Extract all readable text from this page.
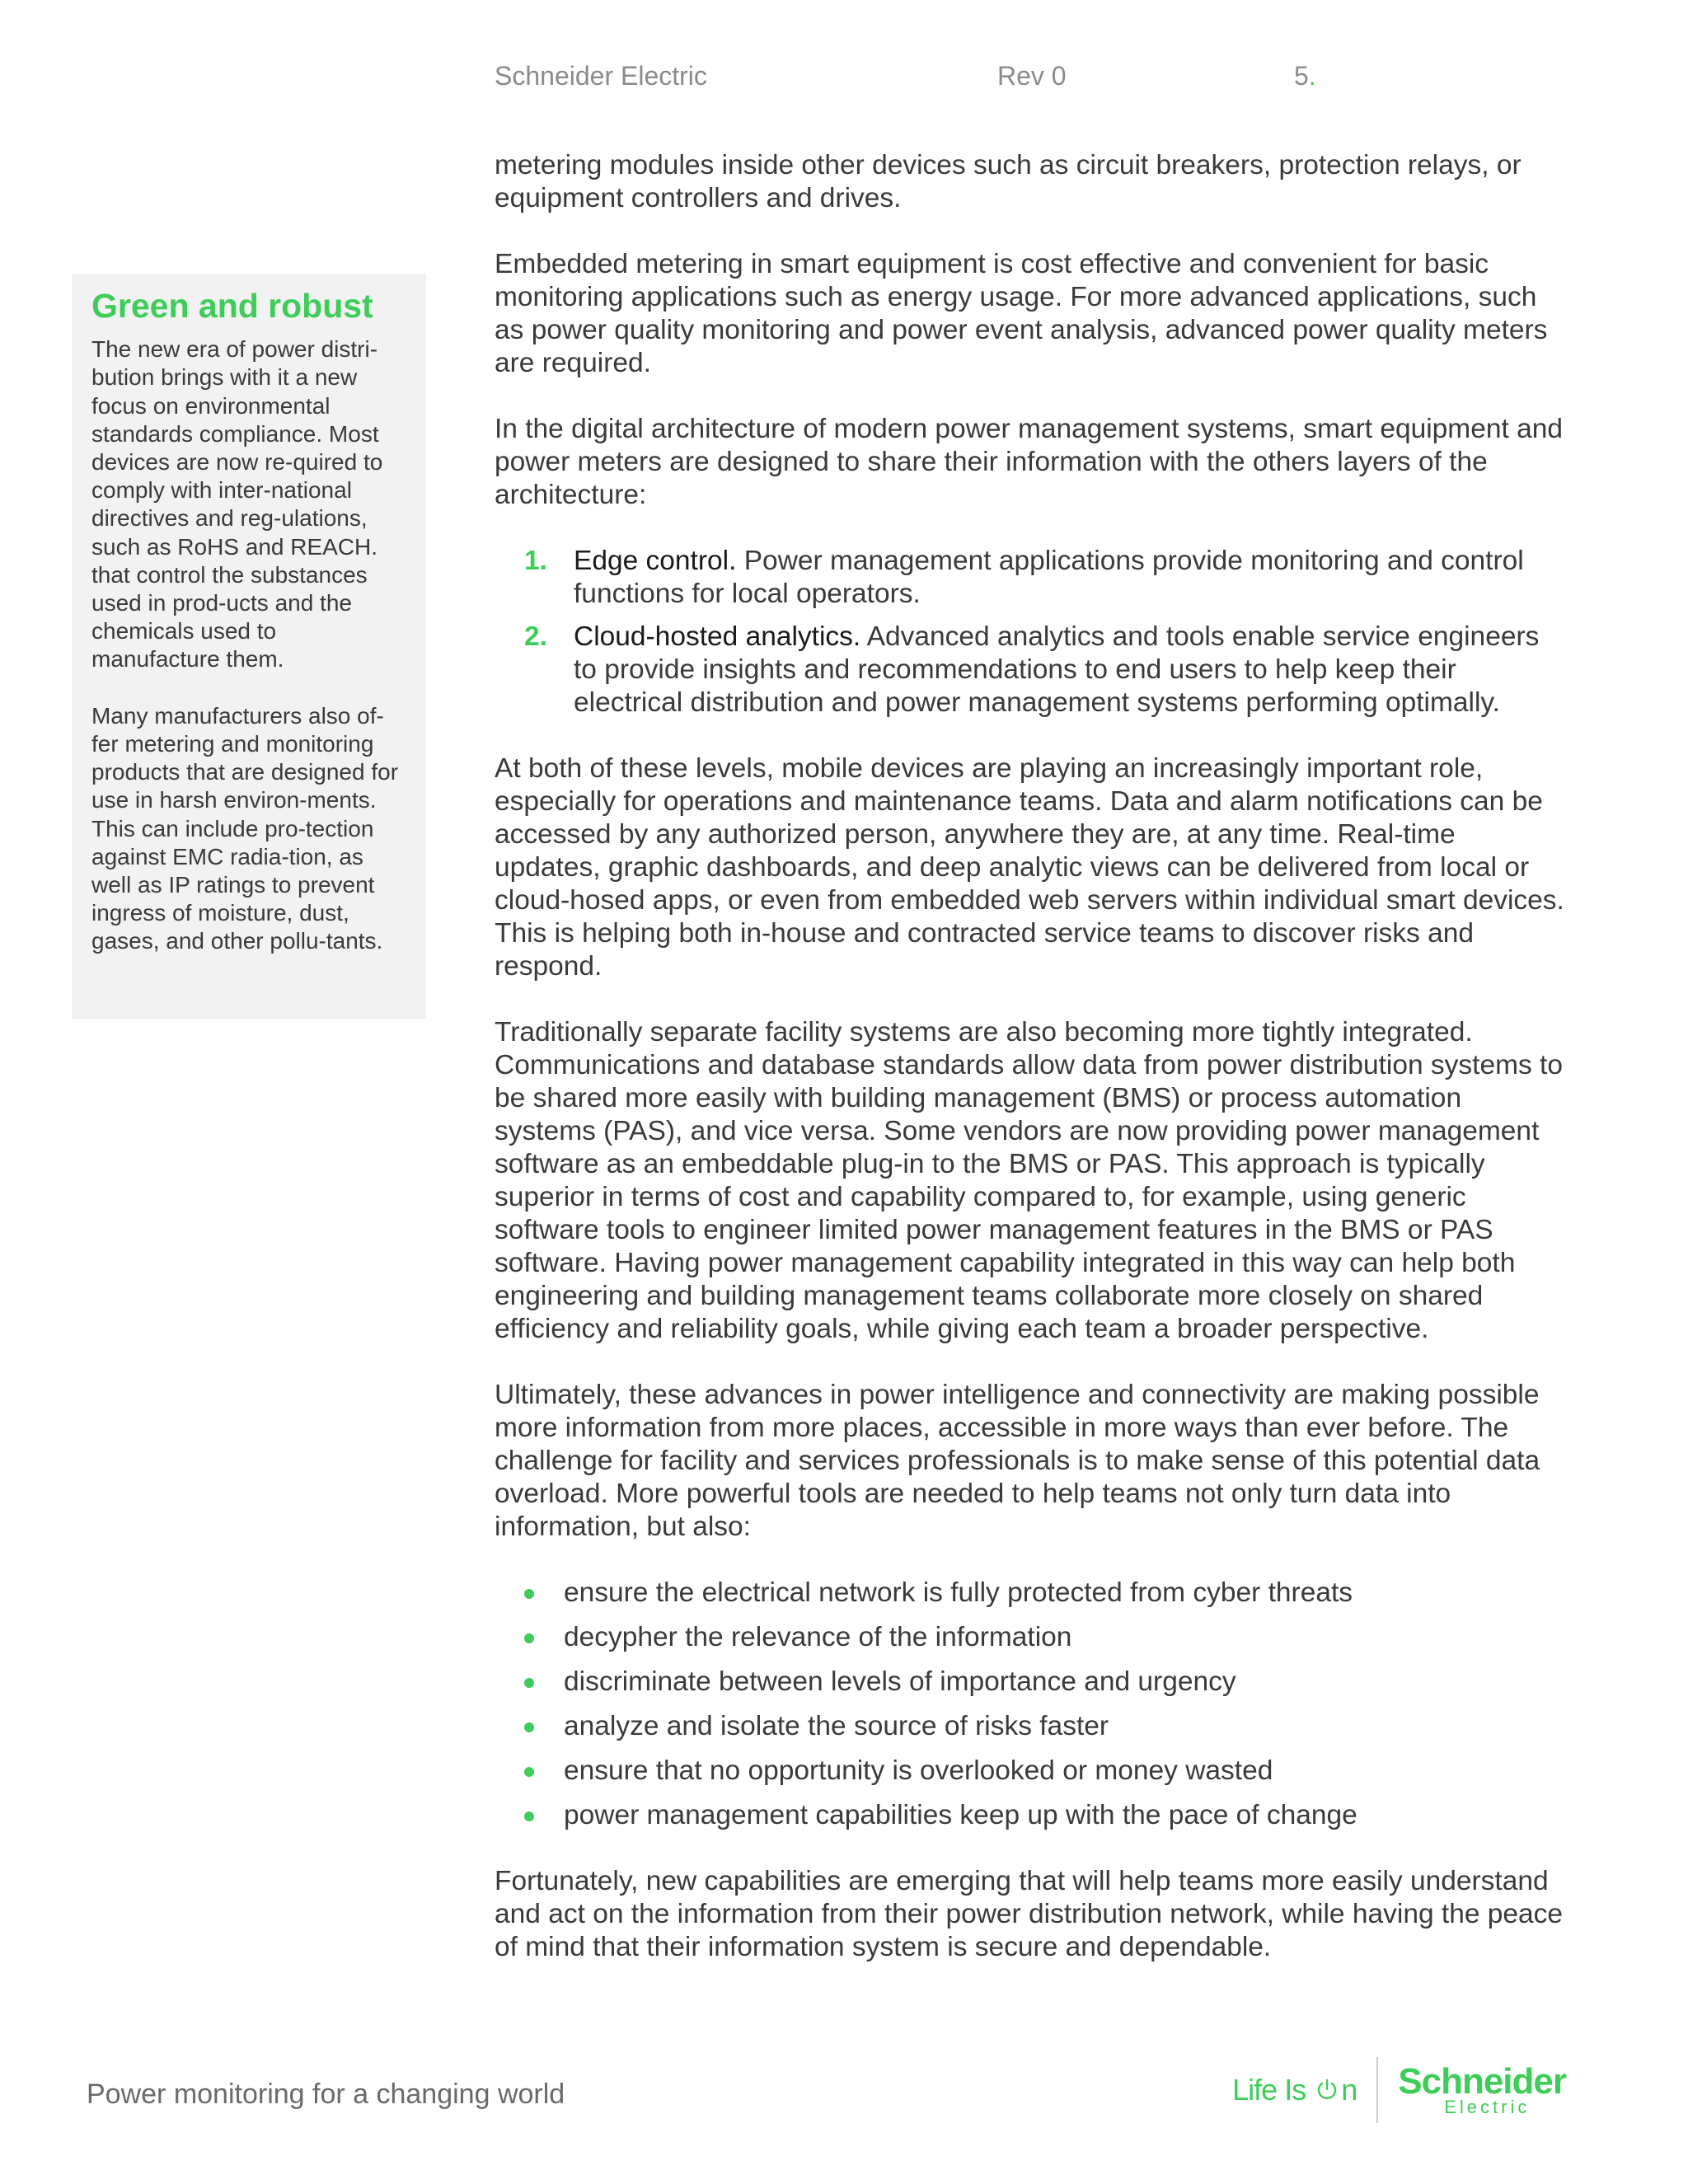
Schneider Electric	Rev 0	5.
Green and robust

The new era of power distri-bution brings with it a new focus on environmental standards compliance. Most devices are now re-quired to comply with inter-national directives and reg-ulations, such as RoHS and REACH. that control the substances used in prod-ucts and the chemicals used to manufacture them.

Many manufacturers also of-fer metering and monitoring products that are designed for use in harsh environ-ments. This can include pro-tection against EMC radia-tion, as well as IP ratings to prevent ingress of moisture, dust, gases, and other pollu-tants.

metering modules inside other devices such as circuit breakers, protection relays, or equipment controllers and drives.

Embedded metering in smart equipment is cost effective and convenient for basic monitoring applications such as energy usage. For more advanced applications, such as power quality monitoring and power event analysis, advanced power quality meters are required.

In the digital architecture of modern power management systems, smart equipment and power meters are designed to share their information with the others layers of the architecture:

1. Edge control. Power management applications provide monitoring and control functions for local operators.
2. Cloud-hosted analytics. Advanced analytics and tools enable service engineers to provide insights and recommendations to end users to help keep their electrical distribution and power management systems performing optimally.

At both of these levels, mobile devices are playing an increasingly important role, especially for operations and maintenance teams. Data and alarm notifications can be accessed by any authorized person, anywhere they are, at any time. Real-time updates, graphic dashboards, and deep analytic views can be delivered from local or cloud-hosed apps, or even from embedded web servers within individual smart devices. This is helping both in-house and contracted service teams to discover risks and respond.

Traditionally separate facility systems are also becoming more tightly integrated. Communications and database standards allow data from power distribution systems to be shared more easily with building management (BMS) or process automation systems (PAS), and vice versa. Some vendors are now providing power management software as an embeddable plug-in to the BMS or PAS. This approach is typically superior in terms of cost and capability compared to, for example, using generic software tools to engineer limited power management features in the BMS or PAS software. Having power management capability integrated in this way can help both engineering and building management teams collaborate more closely on shared efficiency and reliability goals, while giving each team a broader perspective.

Ultimately, these advances in power intelligence and connectivity are making possible more information from more places, accessible in more ways than ever before. The challenge for facility and services professionals is to make sense of this potential data overload. More powerful tools are needed to help teams not only turn data into information, but also:

ensure the electrical network is fully protected from cyber threats
decypher the relevance of the information
discriminate between levels of importance and urgency
analyze and isolate the source of risks faster
ensure that no opportunity is overlooked or money wasted
power management capabilities keep up with the pace of change

Fortunately, new capabilities are emerging that will help teams more easily understand and act on the information from their power distribution network, while having the peace of mind that their information system is secure and dependable.

Power monitoring for a changing world	Life Is n Schneider
Electric
